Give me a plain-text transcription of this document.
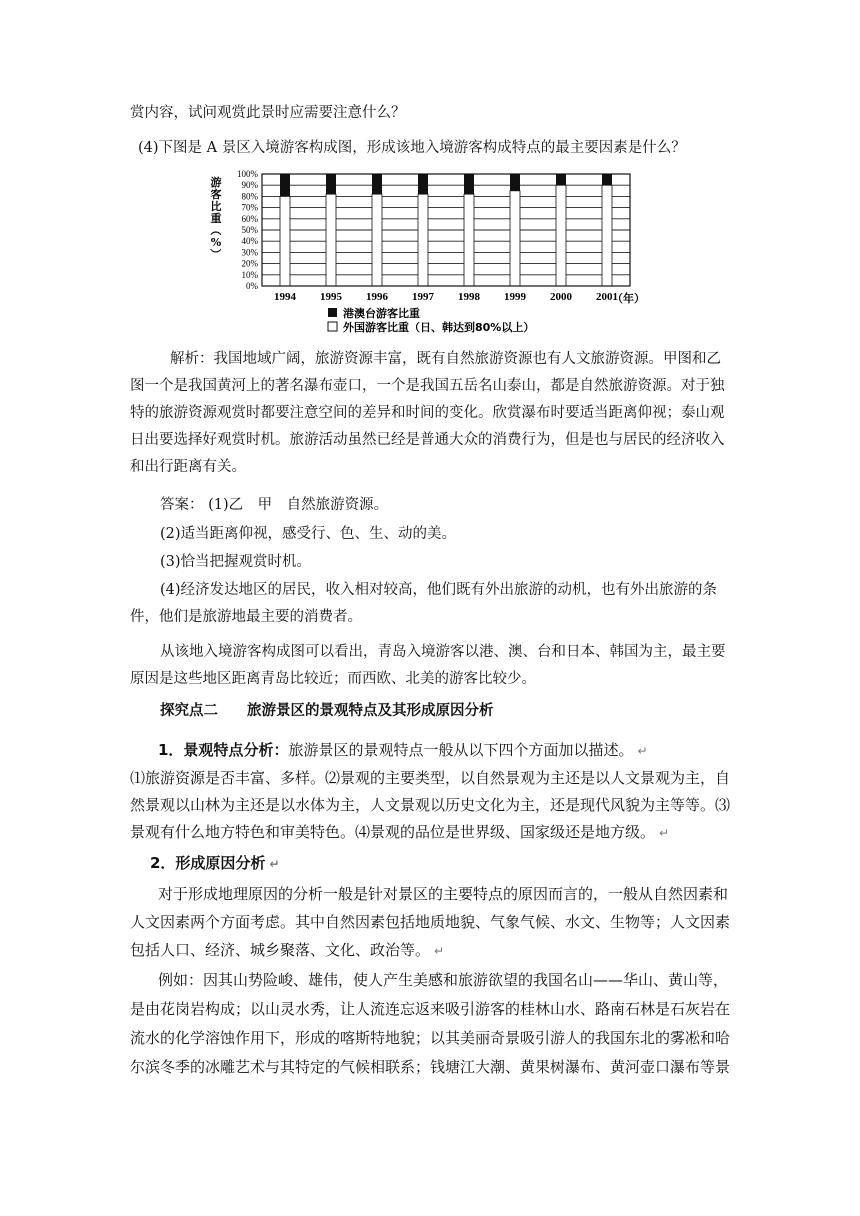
赏内容，试问观赏此景时应需要注意什么？
(4)下图是 A 景区入境游客构成图，形成该地入境游客构成特点的最主要因素是什么？
游
客
比
重
（
%
）
0%
10%
20%
30%
40%
50%
60%
70%
80%
90%
100%
1994 1995 1996 1997 1998 1999 2000 2001
（年）
港澳台游客比重
外国游客比重（日、韩达到80%以上）
解析：我国地域广阔，旅游资源丰富，既有自然旅游资源也有人文旅游资源。甲图和乙图一个是我国黄河上的著名瀑布壶口，一个是我国五岳名山泰山，都是自然旅游资源。对于独特的旅游资源观赏时都要注意空间的差异和时间的变化。欣赏瀑布时要适当距离仰视；泰山观日出要选择好观赏时机。旅游活动虽然已经是普通大众的消费行为，但是也与居民的经济收入和出行距离有关。
答案： (1)乙　甲　自然旅游资源。
(2)适当距离仰视，感受行、色、生、动的美。
(3)恰当把握观赏时机。
(4)经济发达地区的居民，收入相对较高，他们既有外出旅游的动机，也有外出旅游的条件，他们是旅游地最主要的消费者。
从该地入境游客构成图可以看出，青岛入境游客以港、澳、台和日本、韩国为主，最主要原因是这些地区距离青岛比较近；而西欧、北美的游客比较少。
探究点二　　旅游景区的景观特点及其形成原因分析
1．景观特点分析：旅游景区的景观特点一般从以下四个方面加以描述。 ↵
⑴旅游资源是否丰富、多样。⑵景观的主要类型，以自然景观为主还是以人文景观为主，自然景观以山林为主还是以水体为主，人文景观以历史文化为主，还是现代风貌为主等等。⑶景观有什么地方特色和审美特色。⑷景观的品位是世界级、国家级还是地方级。 ↵
2．形成原因分析 ↵
对于形成地理原因的分析一般是针对景区的主要特点的原因而言的，一般从自然因素和人文因素两个方面考虑。其中自然因素包括地质地貌、气象气候、水文、生物等；人文因素包括人口、经济、城乡聚落、文化、政治等。 ↵
例如：因其山势险峻、雄伟，使人产生美感和旅游欲望的我国名山——华山、黄山等，是由花岗岩构成；以山灵水秀，让人流连忘返来吸引游客的桂林山水、路南石林是石灰岩在流水的化学溶蚀作用下，形成的喀斯特地貌；以其美丽奇景吸引游人的我国东北的雾凇和哈尔滨冬季的冰雕艺术与其特定的气候相联系；钱塘江大潮、黄果树瀑布、黄河壶口瀑布等景
